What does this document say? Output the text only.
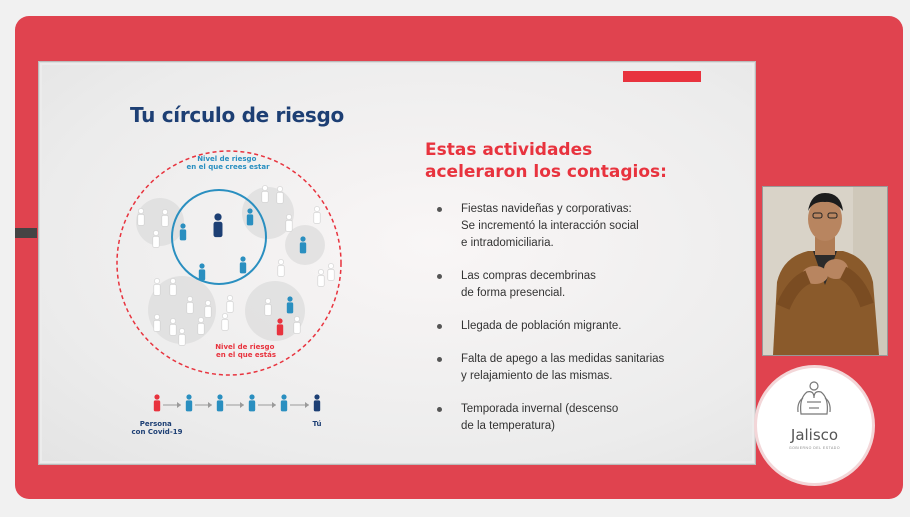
Tu círculo de riesgo
Nivel de riesgo en el que crees estar
Nivel de riesgo en el que estás
Persona con Covid-19
Tú
Estas actividades
aceleraron los contagios:
Fiestas navideñas y corporativas:
Se incrementó la interacción social
e intradomiciliaria.
Las compras decembrinas
de forma presencial.
Llegada de población migrante.
Falta de apego a las medidas sanitarias
y relajamiento de las mismas.
Temporada invernal (descenso
de la temperatura)	Jalisco
GOBIERNO DEL ESTADO
